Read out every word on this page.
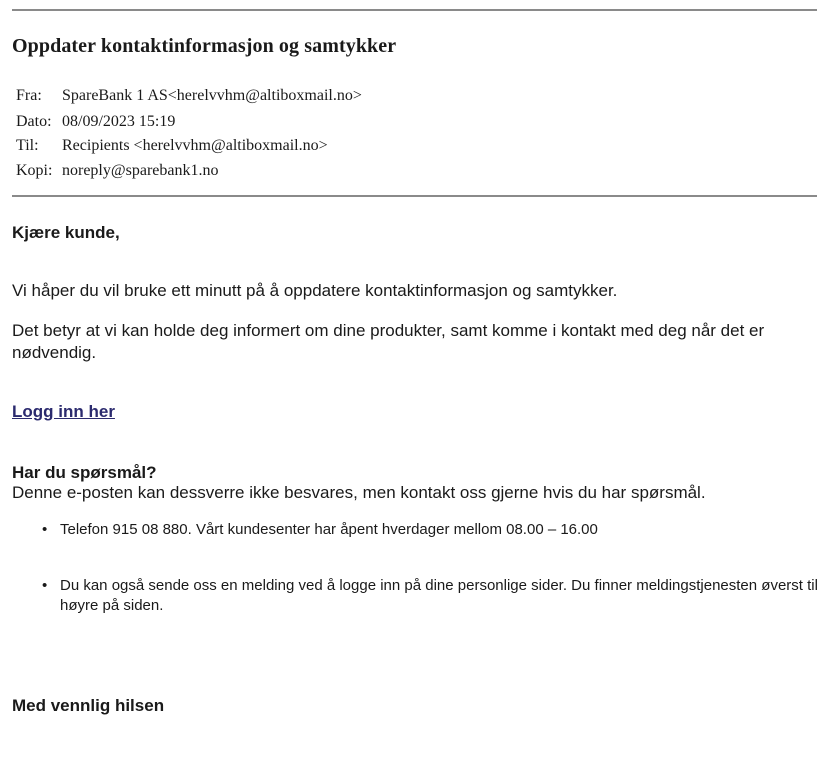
Oppdater kontaktinformasjon og samtykker
Fra: SpareBank 1 AS<herelvvhm@altiboxmail.no>
Dato: 08/09/2023 15:19
Til: Recipients <herelvvhm@altiboxmail.no>
Kopi: noreply@sparebank1.no
Kjære kunde,
Vi håper du vil bruke ett minutt på å oppdatere kontaktinformasjon og samtykker.
Det betyr at vi kan holde deg informert om dine produkter, samt komme i kontakt med deg når det er nødvendig.
Logg inn her
Har du spørsmål?
Denne e-posten kan dessverre ikke besvares, men kontakt oss gjerne hvis du har spørsmål.
• Telefon 915 08 880. Vårt kundesenter har åpent hverdager mellom 08.00 – 16.00
• Du kan også sende oss en melding ved å logge inn på dine personlige sider. Du finner meldingstjenesten øverst til høyre på siden.
Med vennlig hilsen
